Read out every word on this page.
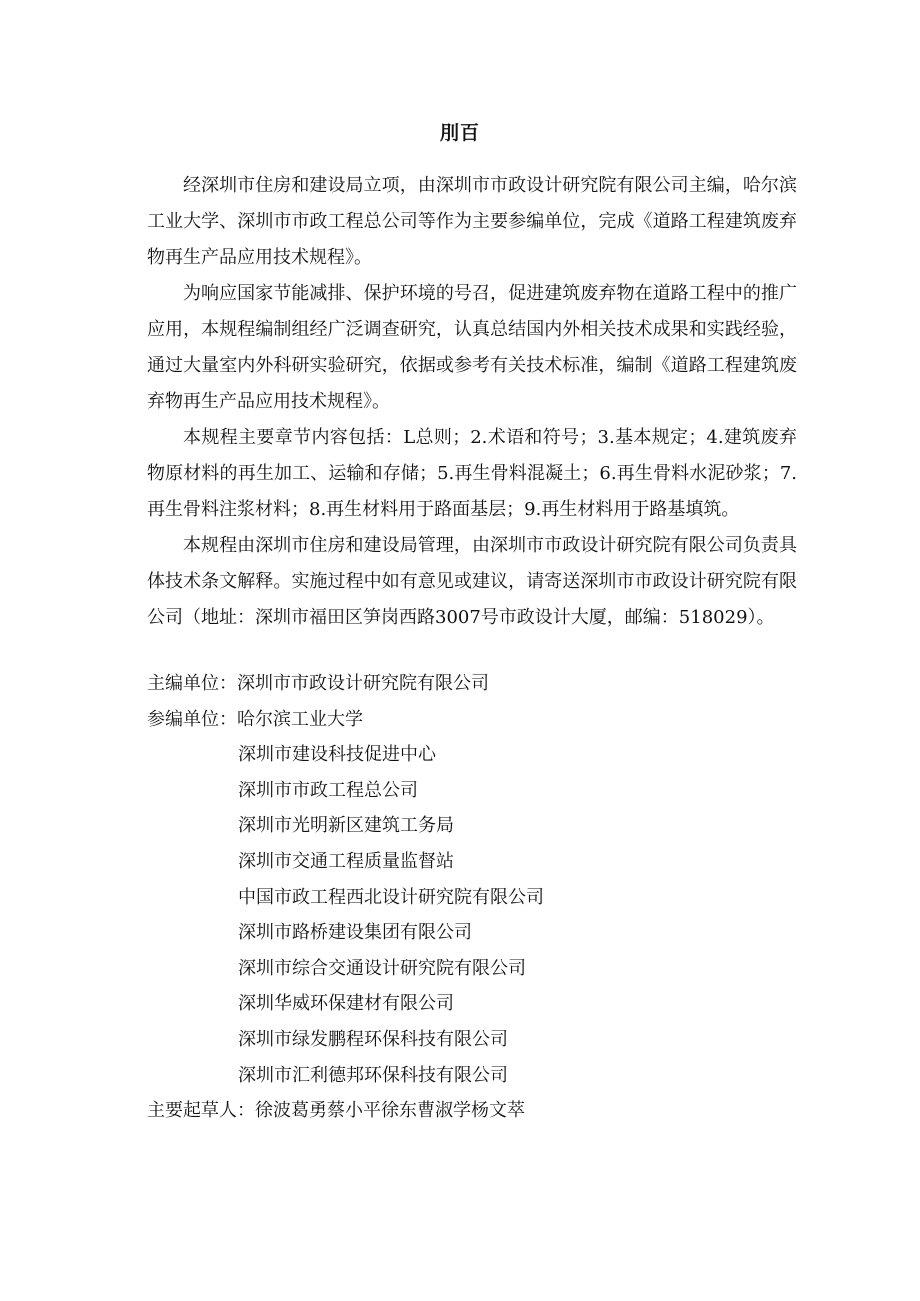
刖百

经深圳市住房和建设局立项，由深圳市市政设计研究院有限公司主编，哈尔滨工业大学、深圳市市政工程总公司等作为主要参编单位，完成《道路工程建筑废弃物再生产品应用技术规程》。

为响应国家节能减排、保护环境的号召，促进建筑废弃物在道路工程中的推广应用，本规程编制组经广泛调查研究，认真总结国内外相关技术成果和实践经验，通过大量室内外科研实验研究，依据或参考有关技术标准，编制《道路工程建筑废弃物再生产品应用技术规程》。

本规程主要章节内容包括：L总则；2.术语和符号；3.基本规定；4.建筑废弃物原材料的再生加工、运输和存储；5.再生骨料混凝土；6.再生骨料水泥砂浆；7.再生骨料注浆材料；8.再生材料用于路面基层；9.再生材料用于路基填筑。

本规程由深圳市住房和建设局管理，由深圳市市政设计研究院有限公司负责具体技术条文解释。实施过程中如有意见或建议，请寄送深圳市市政设计研究院有限公司（地址：深圳市福田区笋岗西路3007号市政设计大厦，邮编：518029）。

主编单位：深圳市市政设计研究院有限公司
参编单位：哈尔滨工业大学
深圳市建设科技促进中心
深圳市市政工程总公司
深圳市光明新区建筑工务局
深圳市交通工程质量监督站
中国市政工程西北设计研究院有限公司
深圳市路桥建设集团有限公司
深圳市综合交通设计研究院有限公司
深圳华威环保建材有限公司
深圳市绿发鹏程环保科技有限公司
深圳市汇利德邦环保科技有限公司
主要起草人：徐波葛勇蔡小平徐东曹淑学杨文萃
